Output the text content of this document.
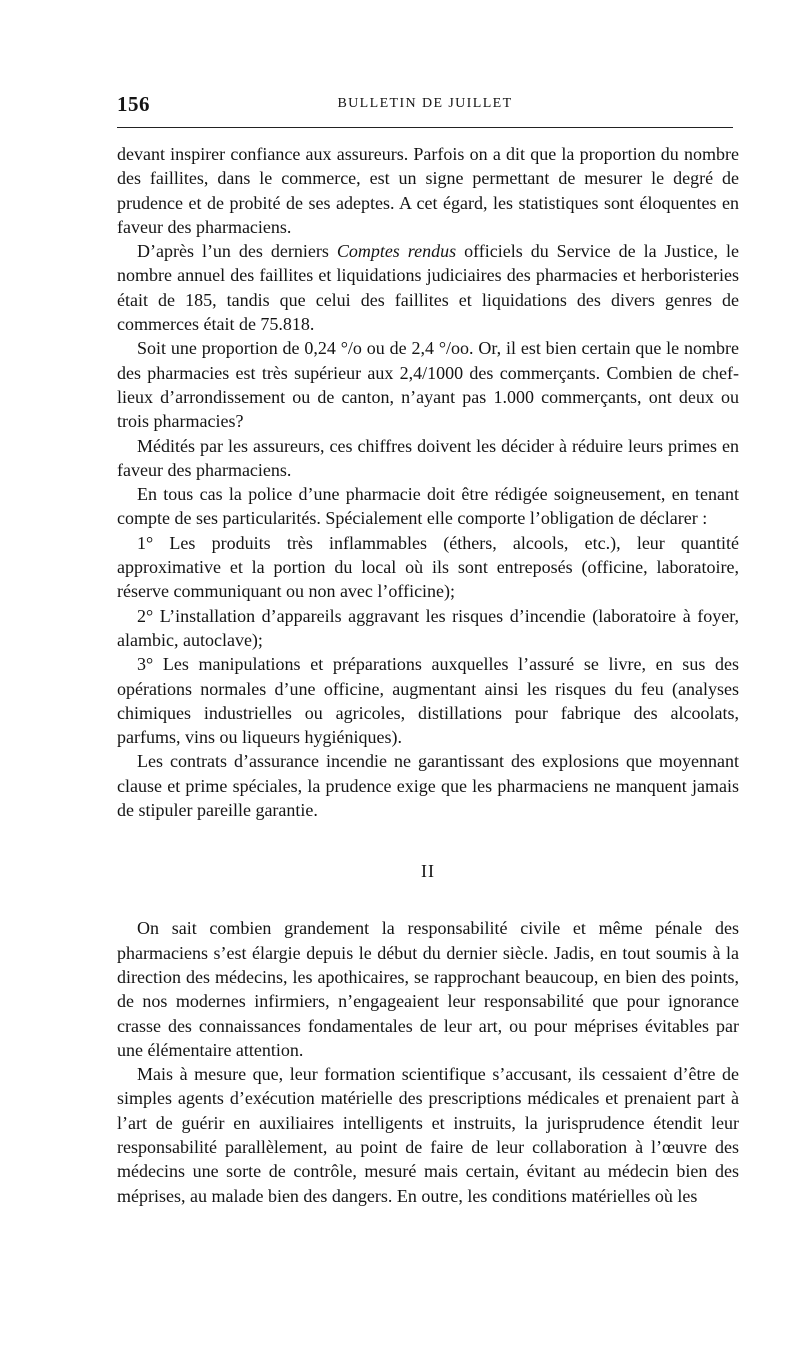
156	BULLETIN DE JUILLET

devant inspirer confiance aux assureurs. Parfois on a dit que la proportion du nombre des faillites, dans le commerce, est un signe permettant de mesurer le degré de prudence et de probité de ses adeptes. A cet égard, les statistiques sont éloquentes en faveur des pharmaciens.

D’après l’un des derniers Comptes rendus officiels du Service de la Justice, le nombre annuel des faillites et liquidations judiciaires des pharmacies et herboristeries était de 185, tandis que celui des faillites et liquidations des divers genres de commerces était de 75.818.

Soit une proportion de 0,24 °/o ou de 2,4 °/oo. Or, il est bien certain que le nombre des pharmacies est très supérieur aux 2,4/1000 des commerçants. Combien de chef-lieux d’arrondissement ou de canton, n’ayant pas 1.000 commerçants, ont deux ou trois pharmacies?

Médités par les assureurs, ces chiffres doivent les décider à réduire leurs primes en faveur des pharmaciens.

En tous cas la police d’une pharmacie doit être rédigée soigneusement, en tenant compte de ses particularités. Spécialement elle comporte l’obligation de déclarer :

1° Les produits très inflammables (éthers, alcools, etc.), leur quantité approximative et la portion du local où ils sont entreposés (officine, laboratoire, réserve communiquant ou non avec l’officine);

2° L’installation d’appareils aggravant les risques d’incendie (laboratoire à foyer, alambic, autoclave);

3° Les manipulations et préparations auxquelles l’assuré se livre, en sus des opérations normales d’une officine, augmentant ainsi les risques du feu (analyses chimiques industrielles ou agricoles, distillations pour fabrique des alcoolats, parfums, vins ou liqueurs hygiéniques).

Les contrats d’assurance incendie ne garantissant des explosions que moyennant clause et prime spéciales, la prudence exige que les pharmaciens ne manquent jamais de stipuler pareille garantie.

II

On sait combien grandement la responsabilité civile et même pénale des pharmaciens s’est élargie depuis le début du dernier siècle. Jadis, en tout soumis à la direction des médecins, les apothicaires, se rapprochant beaucoup, en bien des points, de nos modernes infirmiers, n’engageaient leur responsabilité que pour ignorance crasse des connaissances fondamentales de leur art, ou pour méprises évitables par une élémentaire attention.

Mais à mesure que, leur formation scientifique s’accusant, ils cessaient d’être de simples agents d’exécution matérielle des prescriptions médicales et prenaient part à l’art de guérir en auxiliaires intelligents et instruits, la jurisprudence étendit leur responsabilité parallèlement, au point de faire de leur collaboration à l’œuvre des médecins une sorte de contrôle, mesuré mais certain, évitant au médecin bien des méprises, au malade bien des dangers. En outre, les conditions matérielles où les
